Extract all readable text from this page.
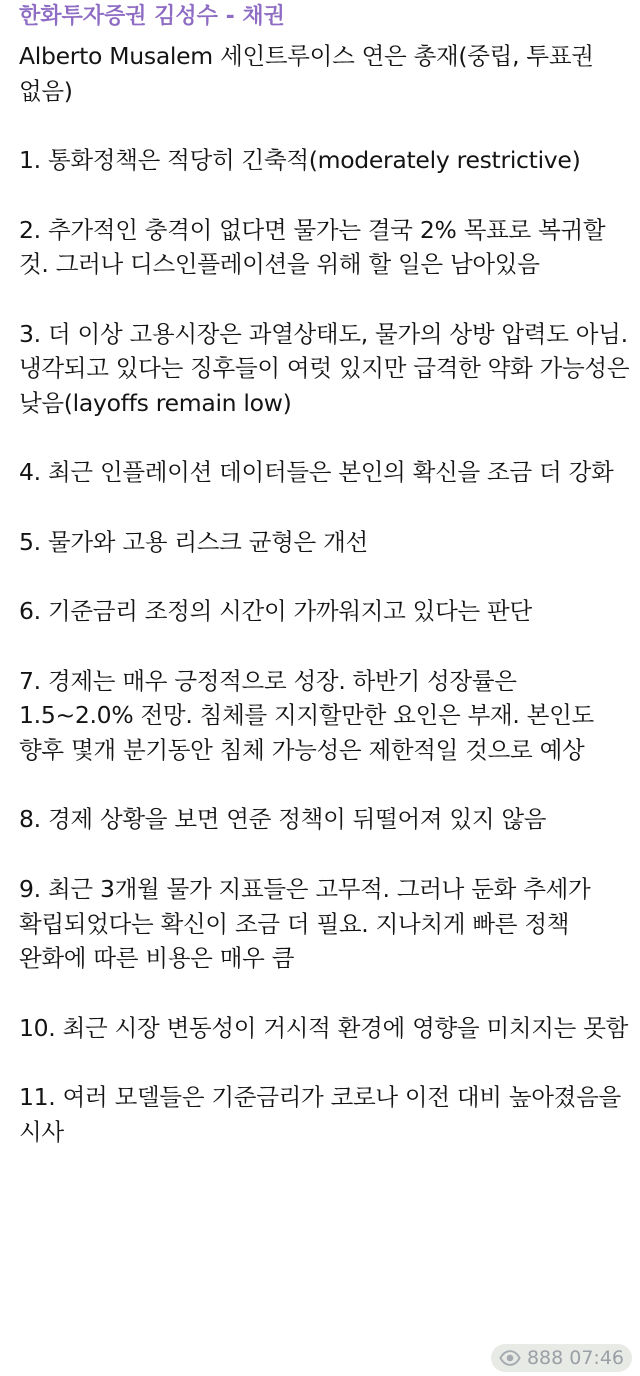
한화투자증권 김성수 - 채권

Alberto Musalem 세인트루이스 연은 총재(중립, 투표권 없음)

1. 통화정책은 적당히 긴축적(moderately restrictive)

2. 추가적인 충격이 없다면 물가는 결국 2% 목표로 복귀할 것. 그러나 디스인플레이션을 위해 할 일은 남아있음

3. 더 이상 고용시장은 과열상태도, 물가의 상방 압력도 아님. 냉각되고 있다는 징후들이 여럿 있지만 급격한 약화 가능성은 낮음(layoffs remain low)

4. 최근 인플레이션 데이터들은 본인의 확신을 조금 더 강화

5. 물가와 고용 리스크 균형은 개선

6. 기준금리 조정의 시간이 가까워지고 있다는 판단

7. 경제는 매우 긍정적으로 성장. 하반기 성장률은 1.5~2.0% 전망. 침체를 지지할만한 요인은 부재. 본인도 향후 몇개 분기동안 침체 가능성은 제한적일 것으로 예상

8. 경제 상황을 보면 연준 정책이 뒤떨어져 있지 않음

9. 최근 3개월 물가 지표들은 고무적. 그러나 둔화 추세가 확립되었다는 확신이 조금 더 필요. 지나치게 빠른 정책 완화에 따른 비용은 매우 큼

10. 최근 시장 변동성이 거시적 환경에 영향을 미치지는 못함

11. 여러 모델들은 기준금리가 코로나 이전 대비 높아졌음을 시사

888 07:46
